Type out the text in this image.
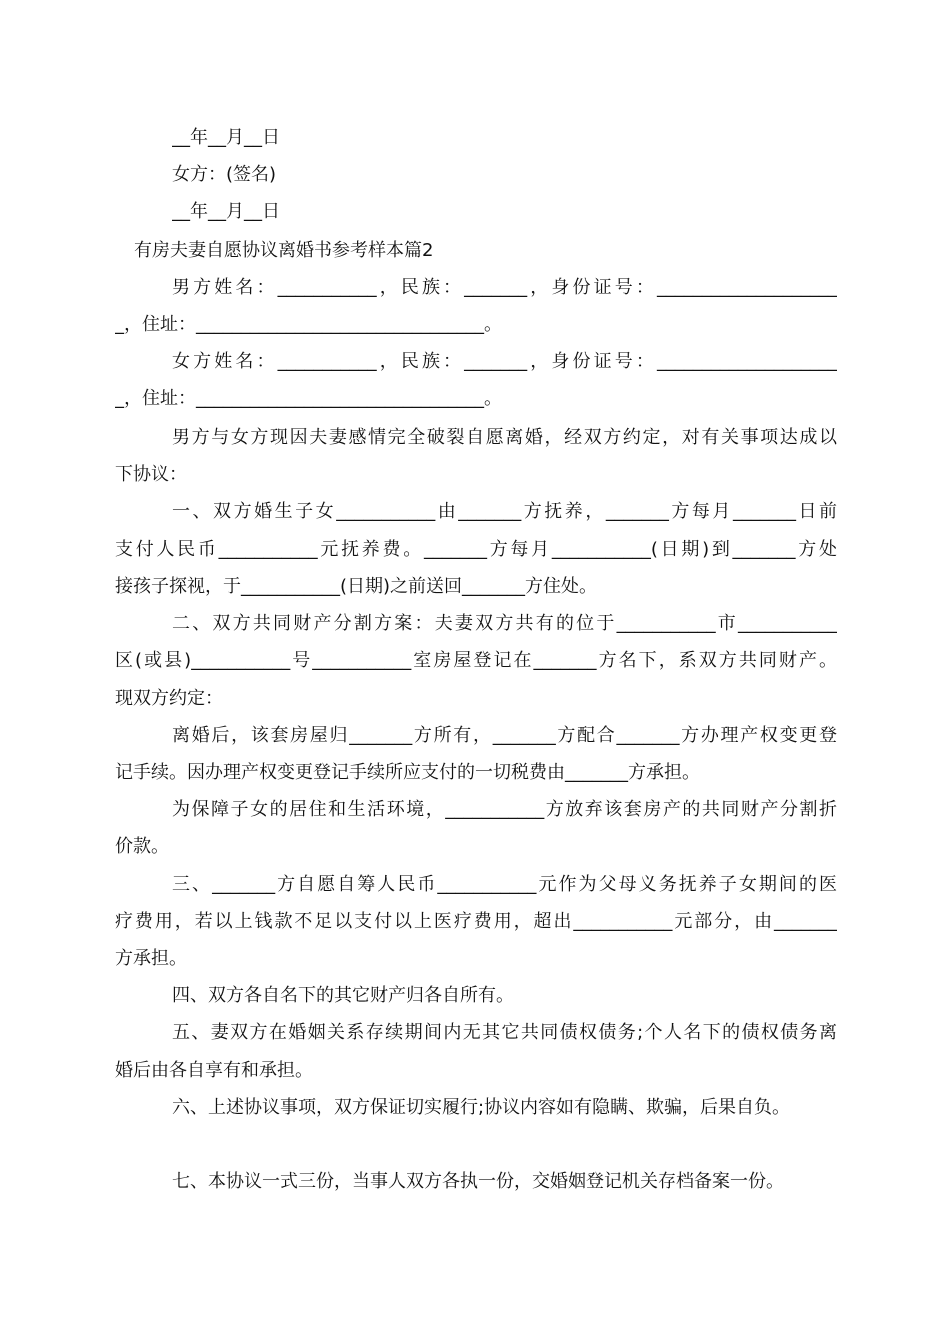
__年__月__日
女方：(签名)
__年__月__日
有房夫妻自愿协议离婚书参考样本篇2
男方姓名：___________，民族：_______，身份证号：____________________
_，住址：________________________________。
女方姓名：___________，民族：_______，身份证号：____________________
_，住址：________________________________。
男方与女方现因夫妻感情完全破裂自愿离婚，经双方约定，对有关事项达成以
下协议：
一、双方婚生子女___________由_______方抚养，_______方每月_______日前
支付人民币___________元抚养费。_______方每月___________(日期)到_______方处
接孩子探视，于___________(日期)之前送回_______方住处。
二、双方共同财产分割方案：夫妻双方共有的位于___________市___________
区(或县)___________号___________室房屋登记在_______方名下，系双方共同财产。
现双方约定：
离婚后，该套房屋归_______方所有，_______方配合_______方办理产权变更登
记手续。因办理产权变更登记手续所应支付的一切税费由_______方承担。
为保障子女的居住和生活环境，___________方放弃该套房产的共同财产分割折
价款。
三、_______方自愿自筹人民币___________元作为父母义务抚养子女期间的医
疗费用，若以上钱款不足以支付以上医疗费用，超出___________元部分，由_______
方承担。
四、双方各自名下的其它财产归各自所有。
五、妻双方在婚姻关系存续期间内无其它共同债权债务;个人名下的债权债务离
婚后由各自享有和承担。
六、上述协议事项，双方保证切实履行;协议内容如有隐瞒、欺骗，后果自负。
七、本协议一式三份，当事人双方各执一份，交婚姻登记机关存档备案一份。
